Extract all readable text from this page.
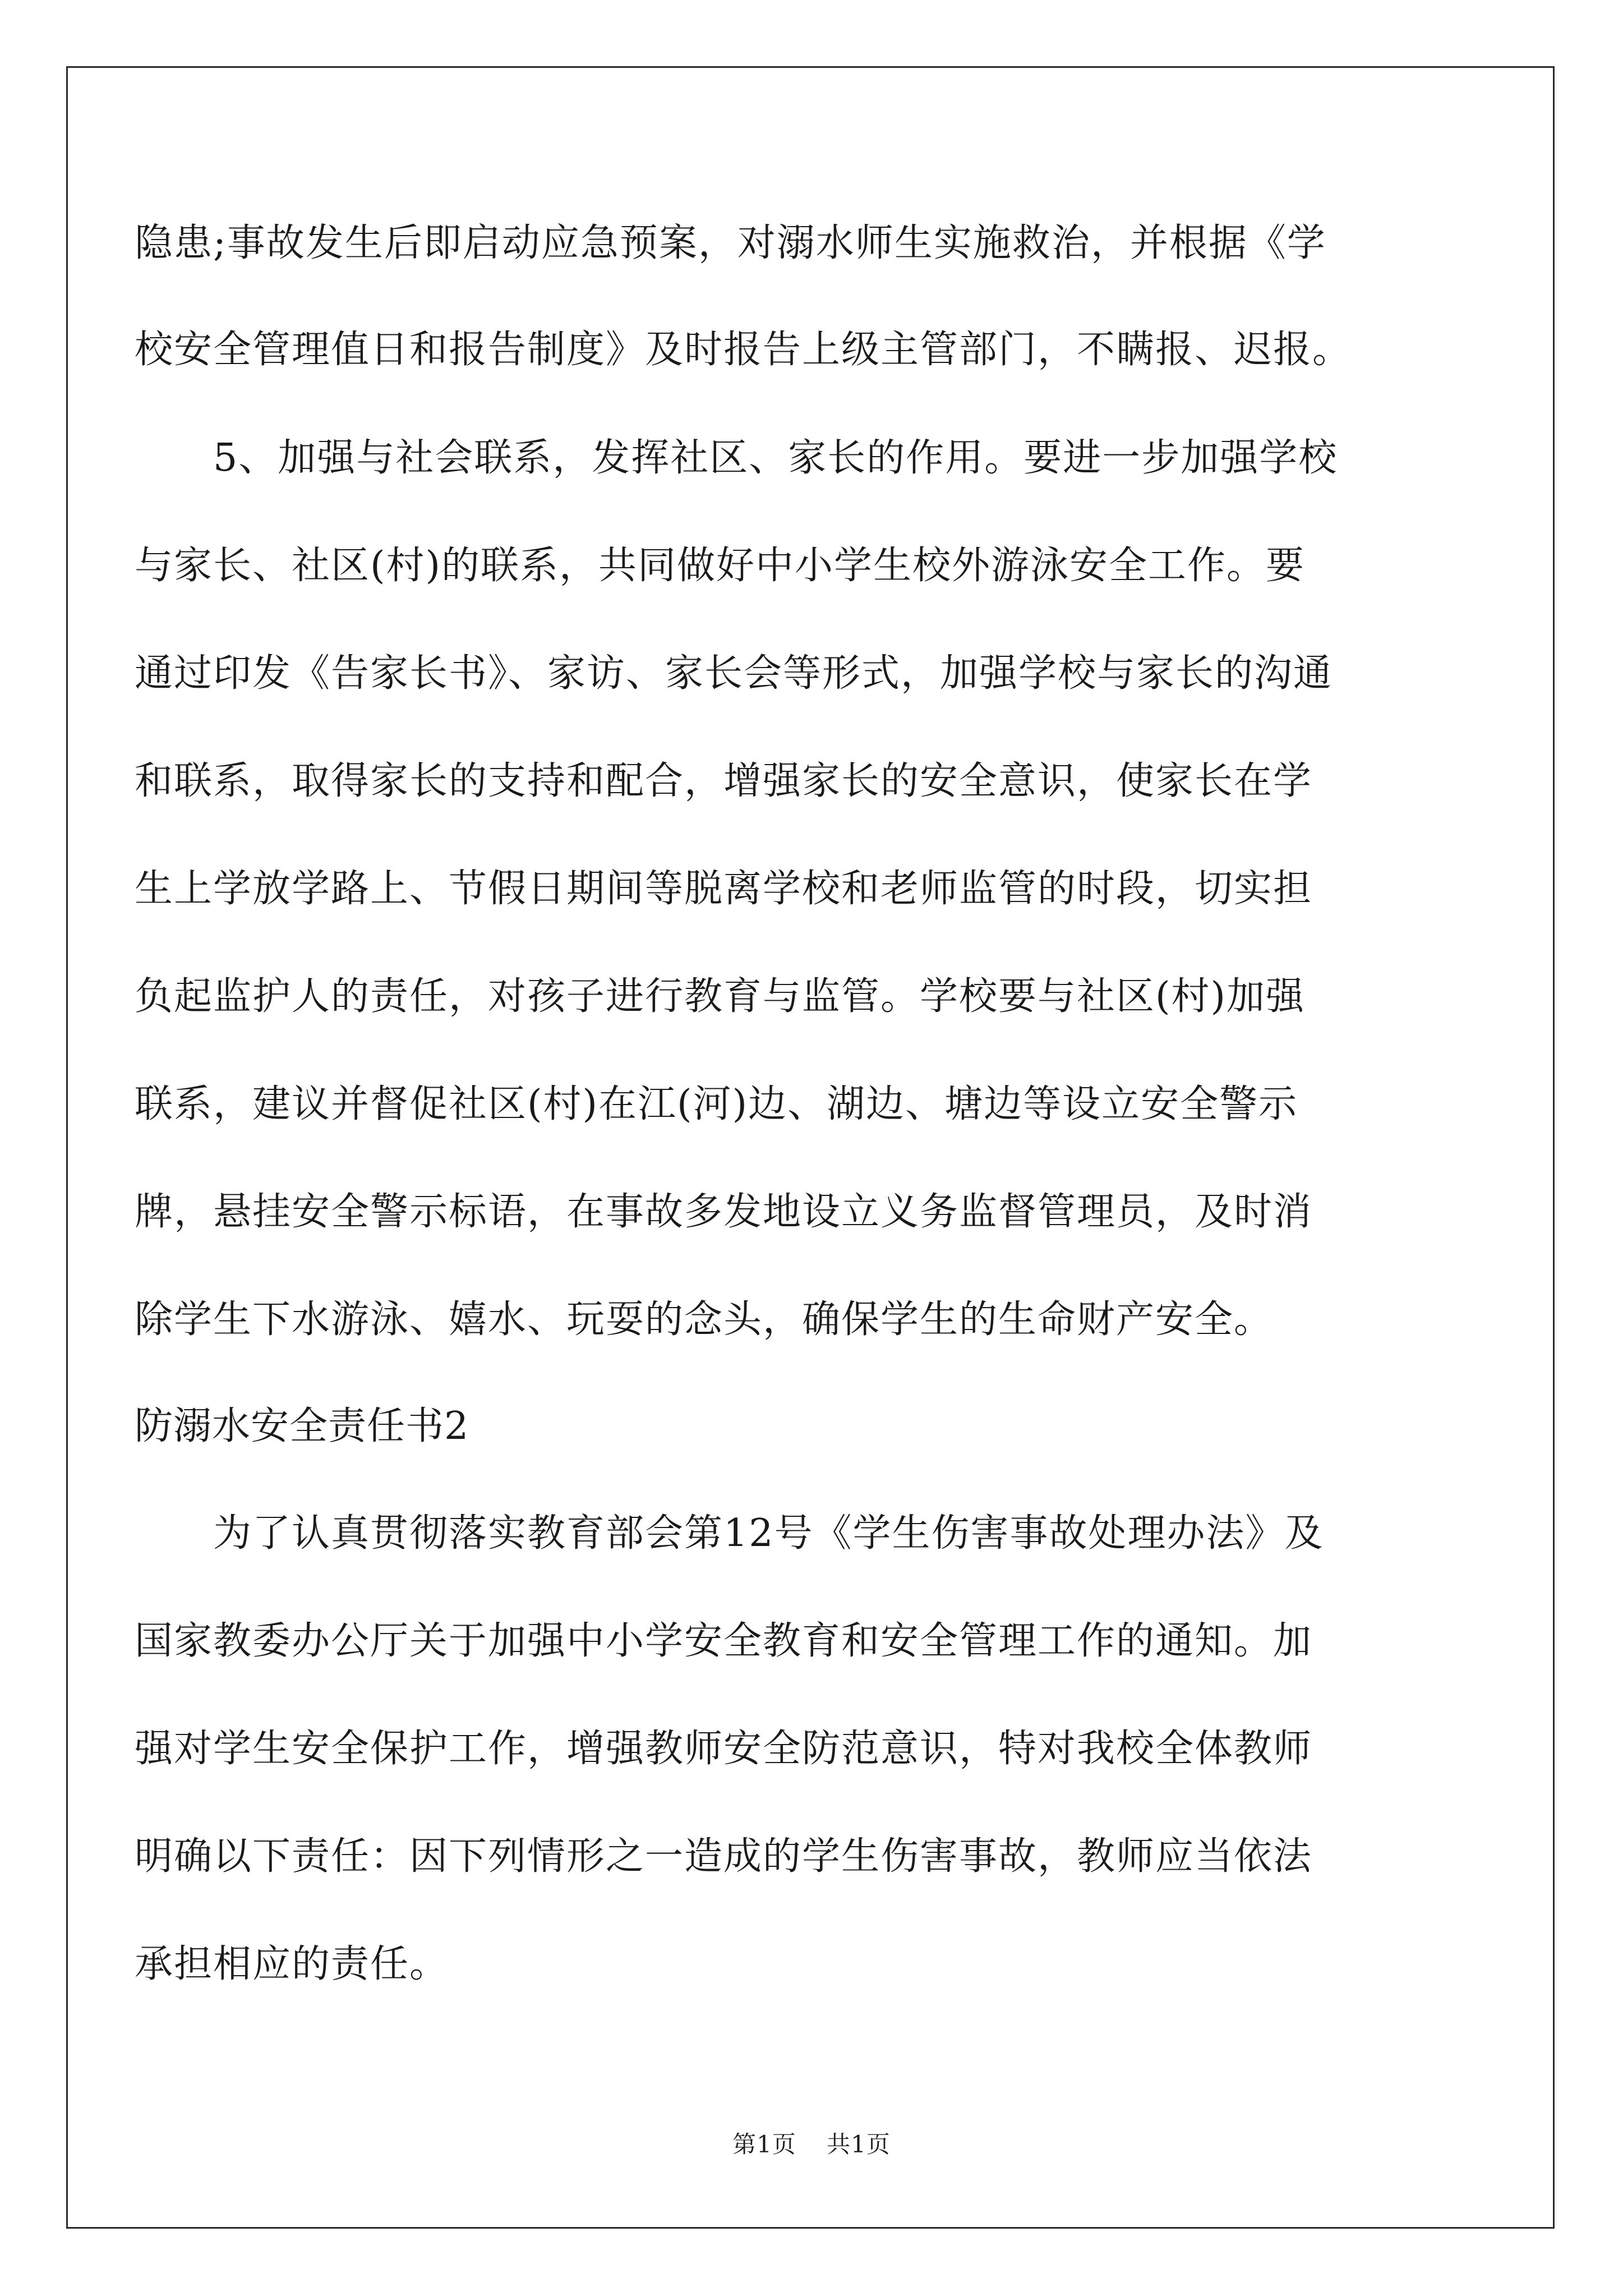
隐患;事故发生后即启动应急预案，对溺水师生实施救治，并根据《学
校安全管理值日和报告制度》及时报告上级主管部门，不瞒报、迟报。
5、加强与社会联系，发挥社区、家长的作用。要进一步加强学校
与家长、社区(村)的联系，共同做好中小学生校外游泳安全工作。要
通过印发《告家长书》、家访、家长会等形式，加强学校与家长的沟通
和联系，取得家长的支持和配合，增强家长的安全意识，使家长在学
生上学放学路上、节假日期间等脱离学校和老师监管的时段，切实担
负起监护人的责任，对孩子进行教育与监管。学校要与社区(村)加强
联系，建议并督促社区(村)在江(河)边、湖边、塘边等设立安全警示
牌，悬挂安全警示标语，在事故多发地设立义务监督管理员，及时消
除学生下水游泳、嬉水、玩耍的念头，确保学生的生命财产安全。
防溺水安全责任书2
为了认真贯彻落实教育部会第12号《学生伤害事故处理办法》及
国家教委办公厅关于加强中小学安全教育和安全管理工作的通知。加
强对学生安全保护工作，增强教师安全防范意识，特对我校全体教师
明确以下责任：因下列情形之一造成的学生伤害事故，教师应当依法
承担相应的责任。
第1页 共1页
